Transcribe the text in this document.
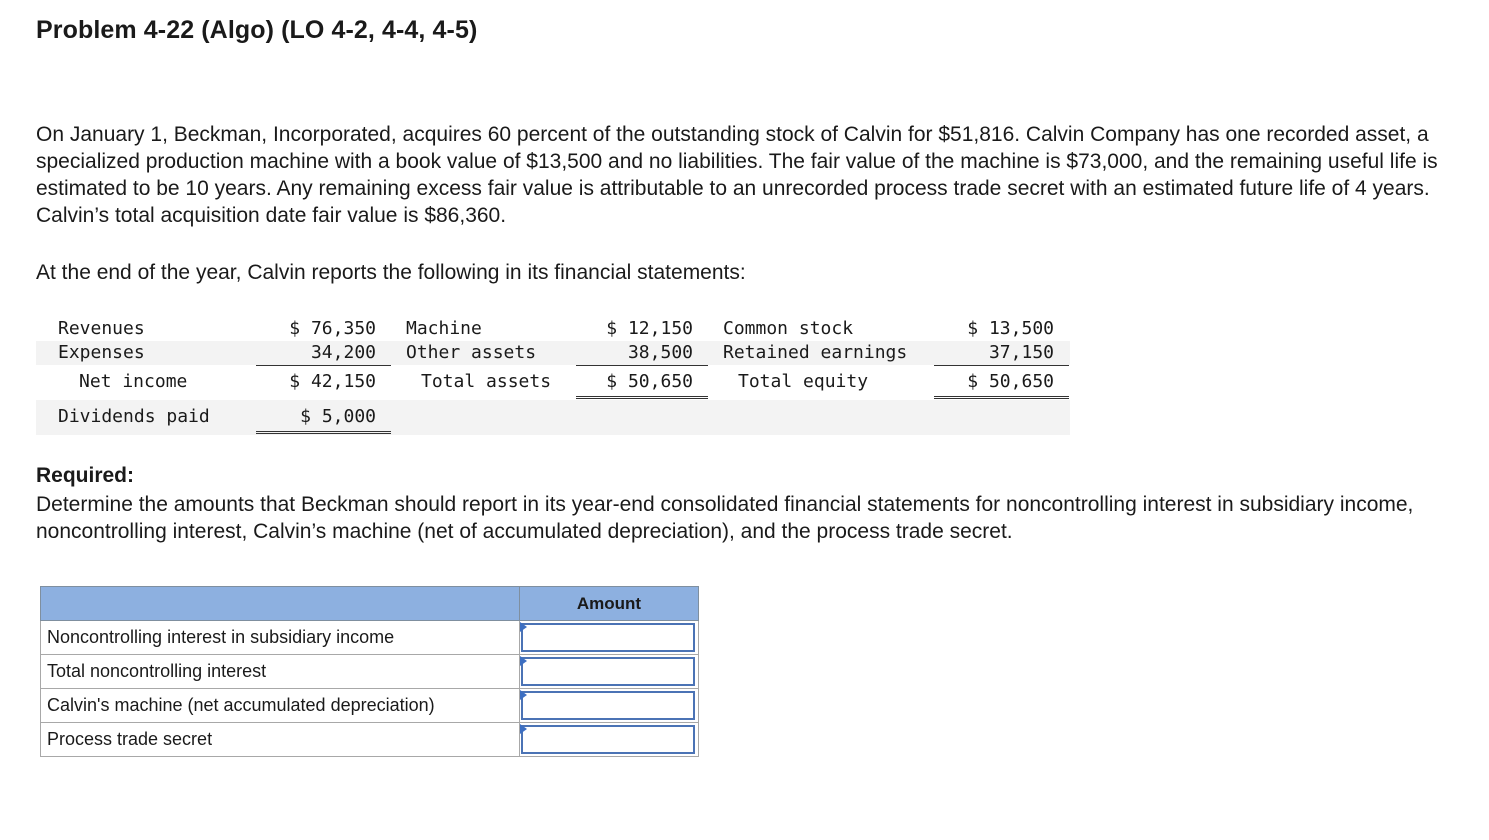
Problem 4-22 (Algo) (LO 4-2, 4-4, 4-5)

On January 1, Beckman, Incorporated, acquires 60 percent of the outstanding stock of Calvin for $51,816. Calvin Company has one recorded asset, a specialized production machine with a book value of $13,500 and no liabilities. The fair value of the machine is $73,000, and the remaining useful life is estimated to be 10 years. Any remaining excess fair value is attributable to an unrecorded process trade secret with an estimated future life of 4 years. Calvin’s total acquisition date fair value is $86,360.

At the end of the year, Calvin reports the following in its financial statements:

Revenues	$ 76,350
Expenses	34,200
Net income	$ 42,150
Dividends paid	$ 5,000
Machine	$ 12,150
Other assets	38,500
Total assets	$ 50,650
Common stock	$ 13,500
Retained earnings	37,150
Total equity	$ 50,650
Required:

Determine the amounts that Beckman should report in its year-end consolidated financial statements for noncontrolling interest in subsidiary income, noncontrolling interest, Calvin’s machine (net of accumulated depreciation), and the process trade secret.

	Amount
Noncontrolling interest in subsidiary income	

Total noncontrolling interest	

Calvin's machine (net accumulated depreciation)	

Process trade secret	
